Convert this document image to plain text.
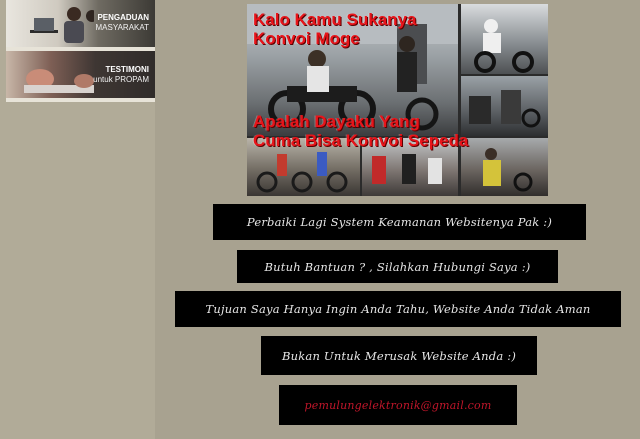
PENGADUAN
MASYARAKAT
TESTIMONI
untuk PROPAM
Kalo Kamu Sukanya
Konvoi Moge
Apalah Dayaku Yang
Cuma Bisa Konvoi Sepeda
Perbaiki Lagi System Keamanan Websitenya Pak :)
Butuh Bantuan ? , Silahkan Hubungi Saya :)
Tujuan Saya Hanya Ingin Anda Tahu, Website Anda Tidak Aman
Bukan Untuk Merusak Website Anda :)
pemulungelektronik@gmail.com
